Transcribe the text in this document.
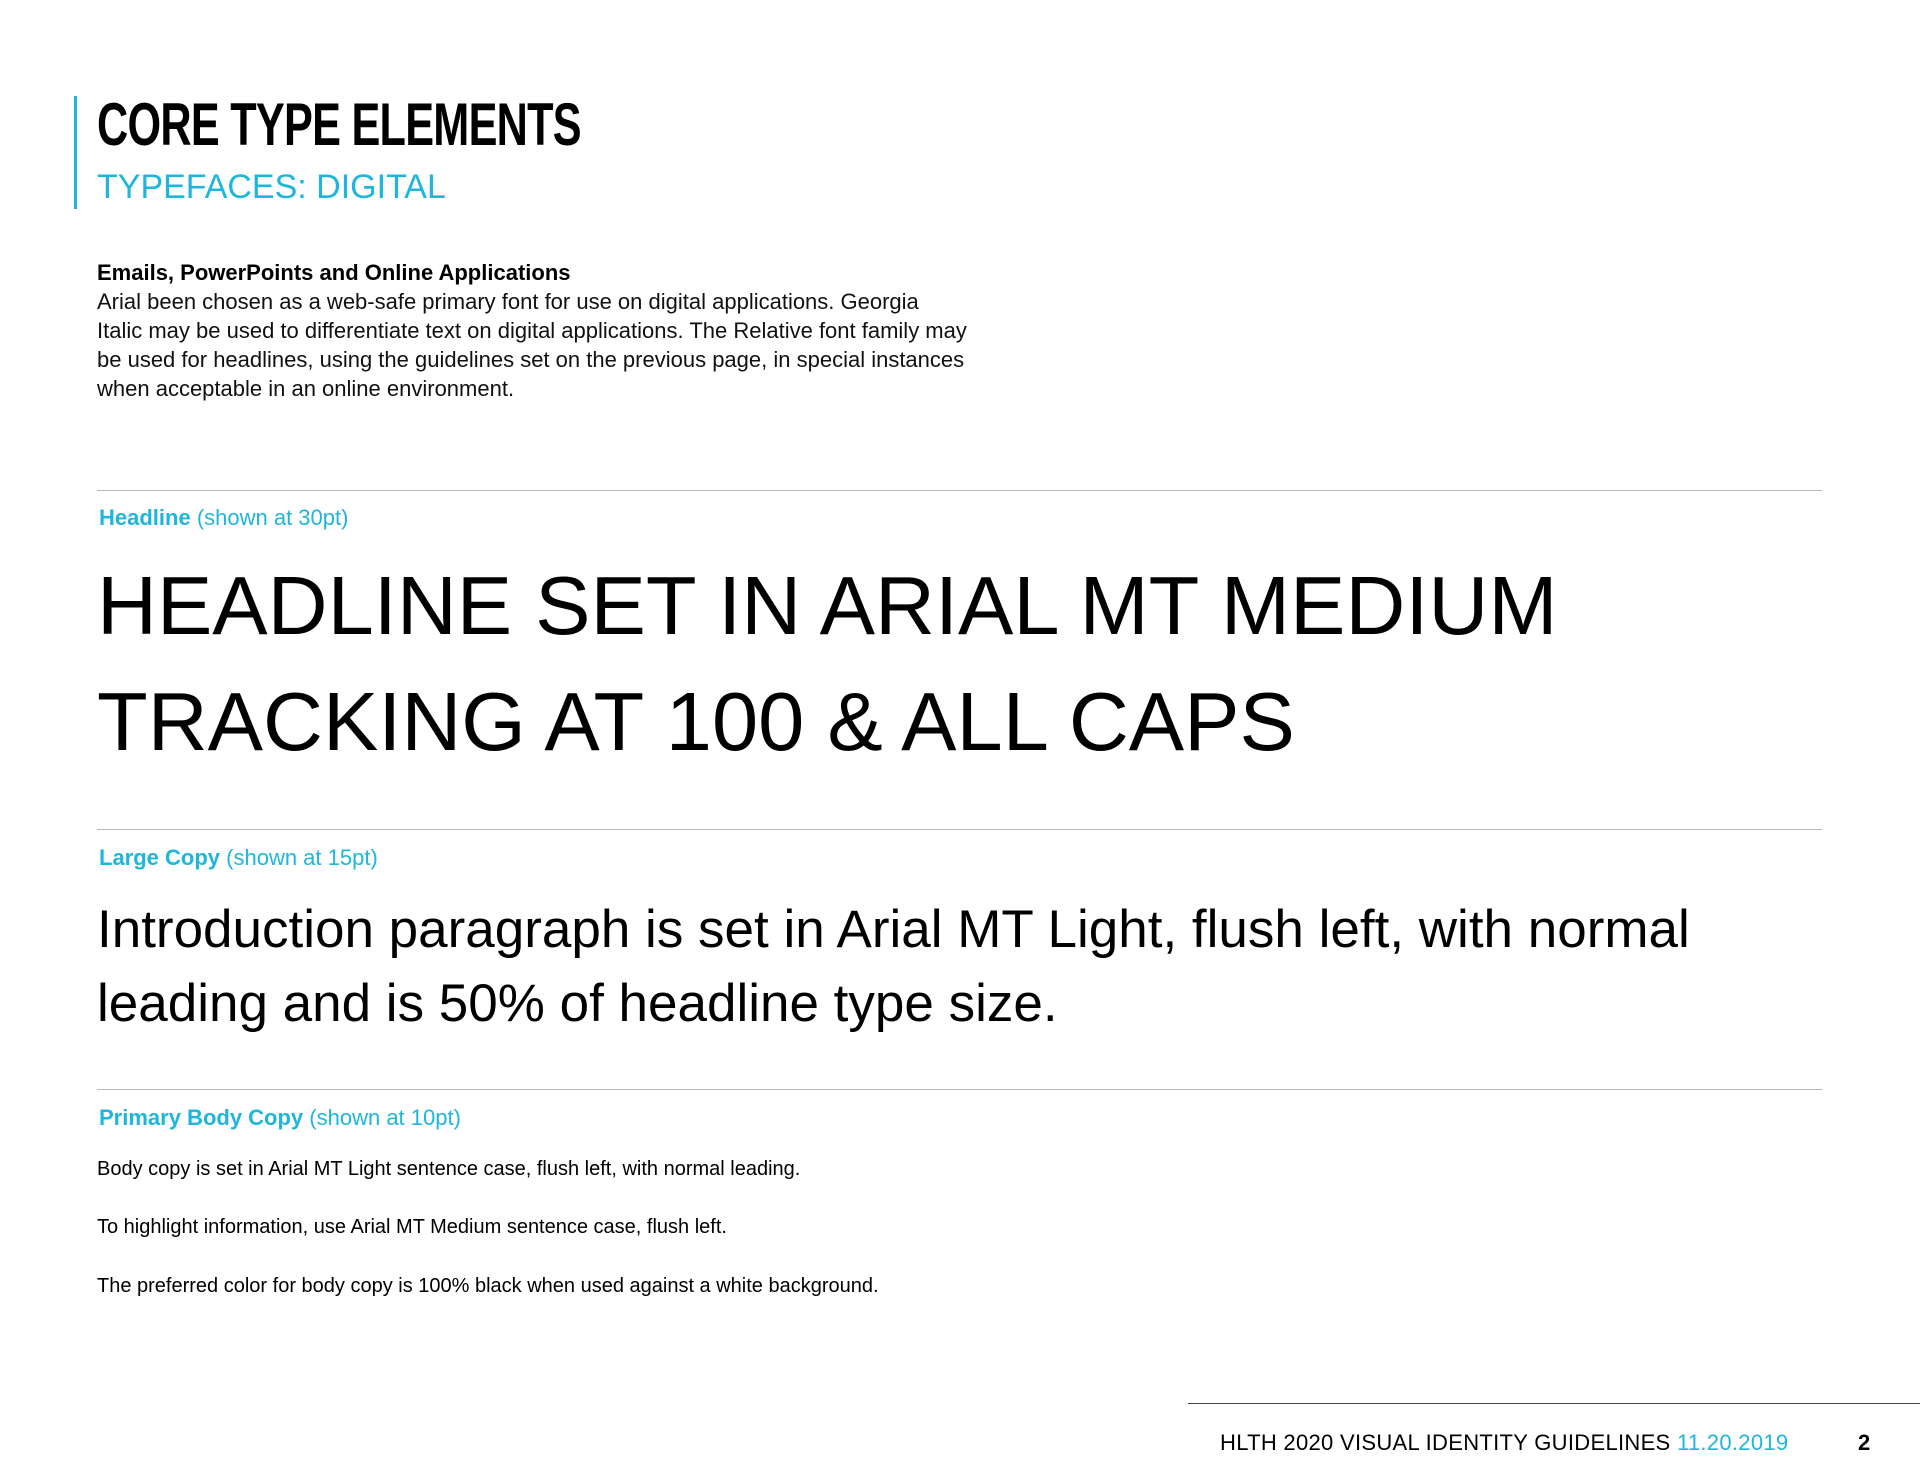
CORE TYPE ELEMENTS
TYPEFACES: DIGITAL

Emails, PowerPoints and Online Applications

Arial been chosen as a web-safe primary font for use on digital applications. Georgia Italic may be used to differentiate text on digital applications. The Relative font family may be used for headlines, using the guidelines set on the previous page, in special instances when acceptable in an online environment.

Headline (shown at 30pt)

HEADLINE SET IN ARIAL MT MEDIUM
TRACKING AT 100 & ALL CAPS

Large Copy (shown at 15pt)

Introduction paragraph is set in Arial MT Light, flush left, with normal leading and is 50% of headline type size.

Primary Body Copy (shown at 10pt)

Body copy is set in Arial MT Light sentence case, flush left, with normal leading.

To highlight information, use Arial MT Medium sentence case, flush left.

The preferred color for body copy is 100% black when used against a white background.

HLTH 2020 VISUAL IDENTITY GUIDELINES 11.20.2019	2
